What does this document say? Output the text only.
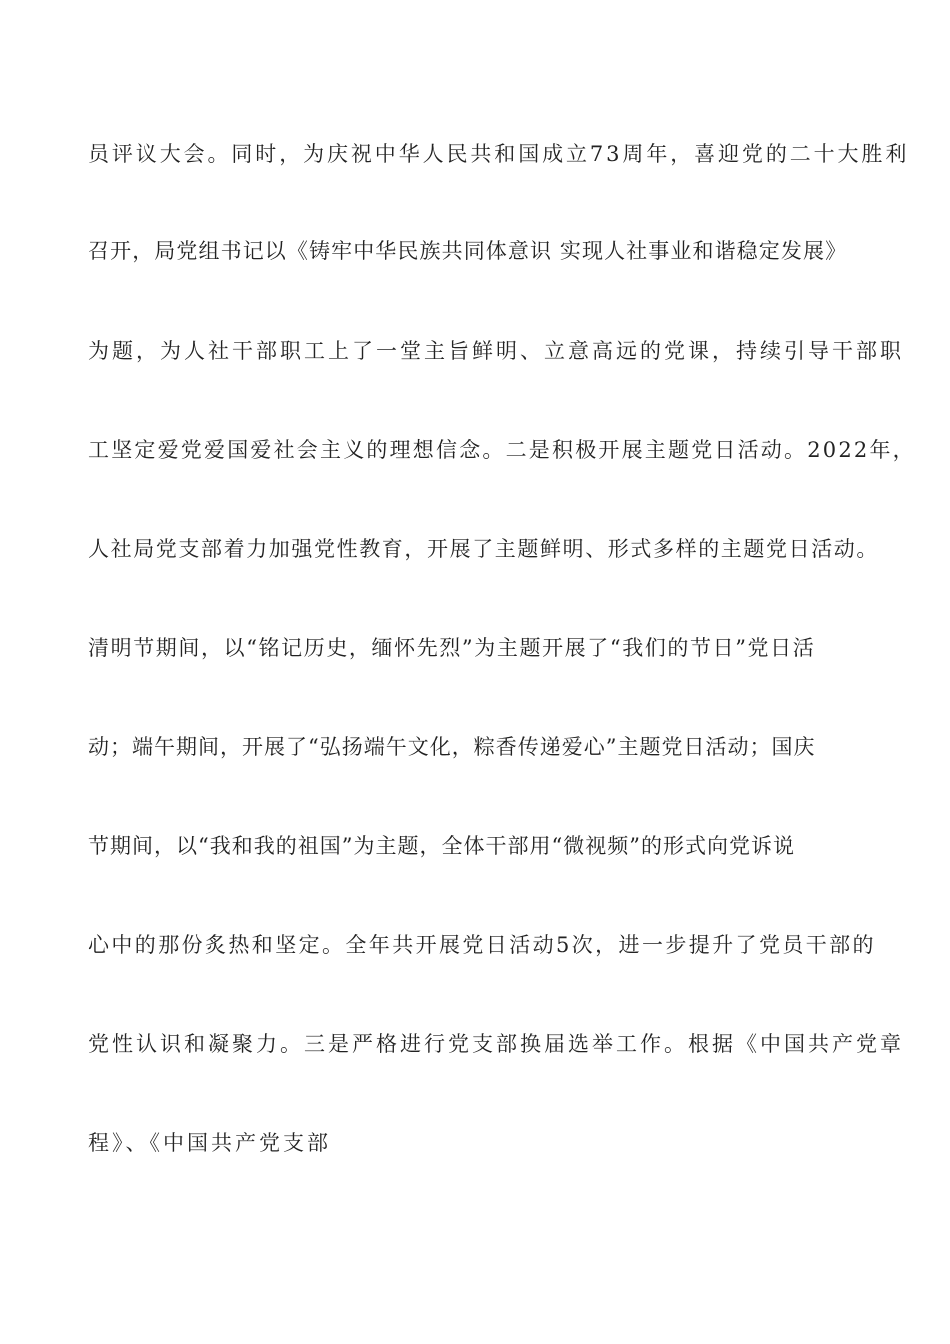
员评议大会。同时，为庆祝中华人民共和国成立73周年，喜迎党的二十大胜利
召开，局党组书记以《铸牢中华民族共同体意识 实现人社事业和谐稳定发展》
为题，为人社干部职工上了一堂主旨鲜明、立意高远的党课，持续引导干部职
工坚定爱党爱国爱社会主义的理想信念。二是积极开展主题党日活动。2022年，
人社局党支部着力加强党性教育，开展了主题鲜明、形式多样的主题党日活动。
清明节期间，以“铭记历史，缅怀先烈”为主题开展了“我们的节日”党日活
动；端午期间，开展了“弘扬端午文化，粽香传递爱心”主题党日活动；国庆
节期间，以“我和我的祖国”为主题，全体干部用“微视频”的形式向党诉说
心中的那份炙热和坚定。全年共开展党日活动5次，进一步提升了党员干部的
党性认识和凝聚力。三是严格进行党支部换届选举工作。根据《中国共产党章
程》、《中国共产党支部
